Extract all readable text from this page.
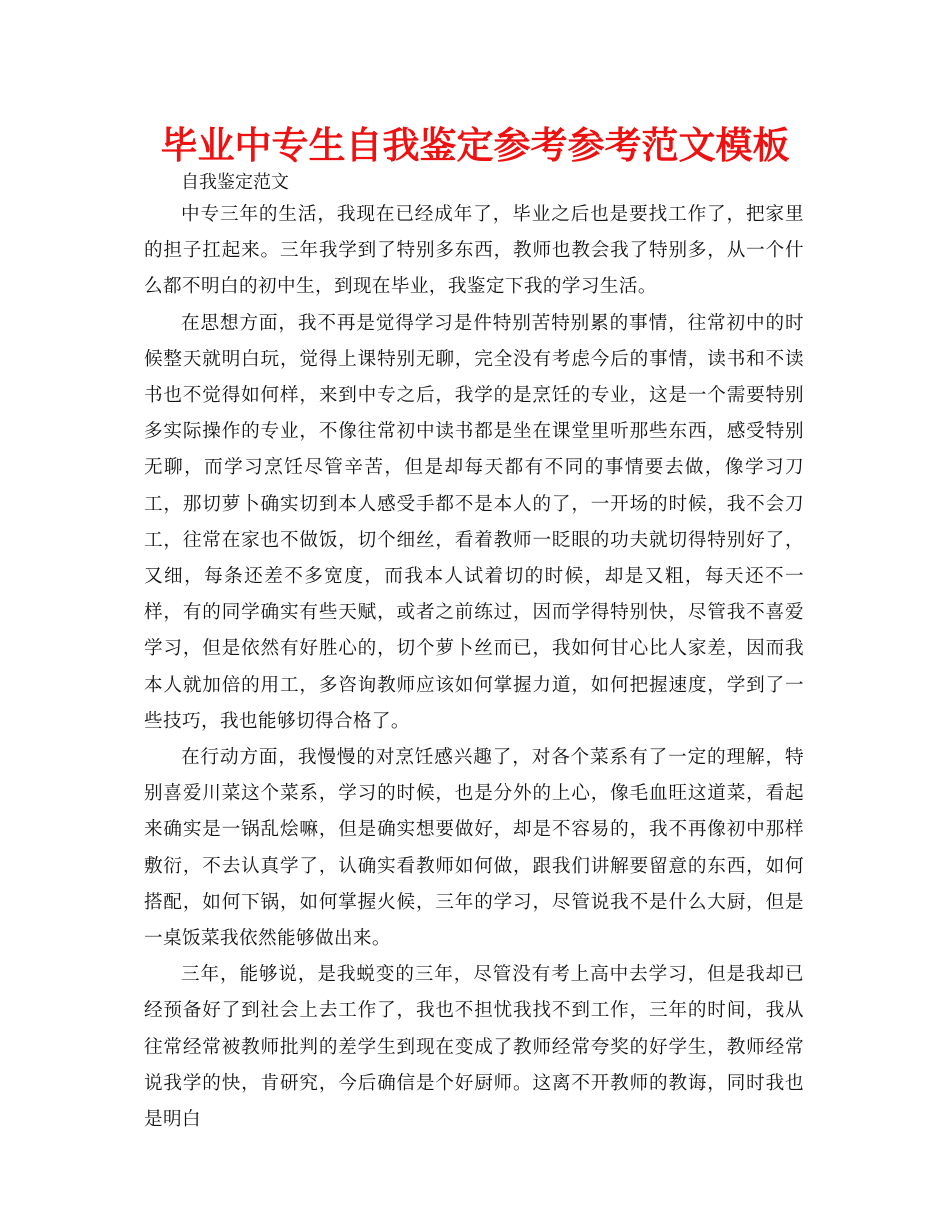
毕业中专生自我鉴定参考参考范文模板
自我鉴定范文

中专三年的生活，我现在已经成年了，毕业之后也是要找工作了，把家里的担子扛起来。三年我学到了特别多东西，教师也教会我了特别多，从一个什么都不明白的初中生，到现在毕业，我鉴定下我的学习生活。

在思想方面，我不再是觉得学习是件特别苦特别累的事情，往常初中的时候整天就明白玩，觉得上课特别无聊，完全没有考虑今后的事情，读书和不读书也不觉得如何样，来到中专之后，我学的是烹饪的专业，这是一个需要特别多实际操作的专业，不像往常初中读书都是坐在课堂里听那些东西，感受特别无聊，而学习烹饪尽管辛苦，但是却每天都有不同的事情要去做，像学习刀工，那切萝卜确实切到本人感受手都不是本人的了，一开场的时候，我不会刀工，往常在家也不做饭，切个细丝，看着教师一眨眼的功夫就切得特别好了，又细，每条还差不多宽度，而我本人试着切的时候，却是又粗，每天还不一样，有的同学确实有些天赋，或者之前练过，因而学得特别快，尽管我不喜爱学习，但是依然有好胜心的，切个萝卜丝而已，我如何甘心比人家差，因而我本人就加倍的用工，多咨询教师应该如何掌握力道，如何把握速度，学到了一些技巧，我也能够切得合格了。

在行动方面，我慢慢的对烹饪感兴趣了，对各个菜系有了一定的理解，特别喜爱川菜这个菜系，学习的时候，也是分外的上心，像毛血旺这道菜，看起来确实是一锅乱烩嘛，但是确实想要做好，却是不容易的，我不再像初中那样敷衍，不去认真学了，认确实看教师如何做，跟我们讲解要留意的东西，如何搭配，如何下锅，如何掌握火候，三年的学习，尽管说我不是什么大厨，但是一桌饭菜我依然能够做出来。

三年，能够说，是我蜕变的三年，尽管没有考上高中去学习，但是我却已经预备好了到社会上去工作了，我也不担忧我找不到工作，三年的时间，我从往常经常被教师批判的差学生到现在变成了教师经常夸奖的好学生，教师经常说我学的快，肯研究，今后确信是个好厨师。这离不开教师的教诲，同时我也是明白
